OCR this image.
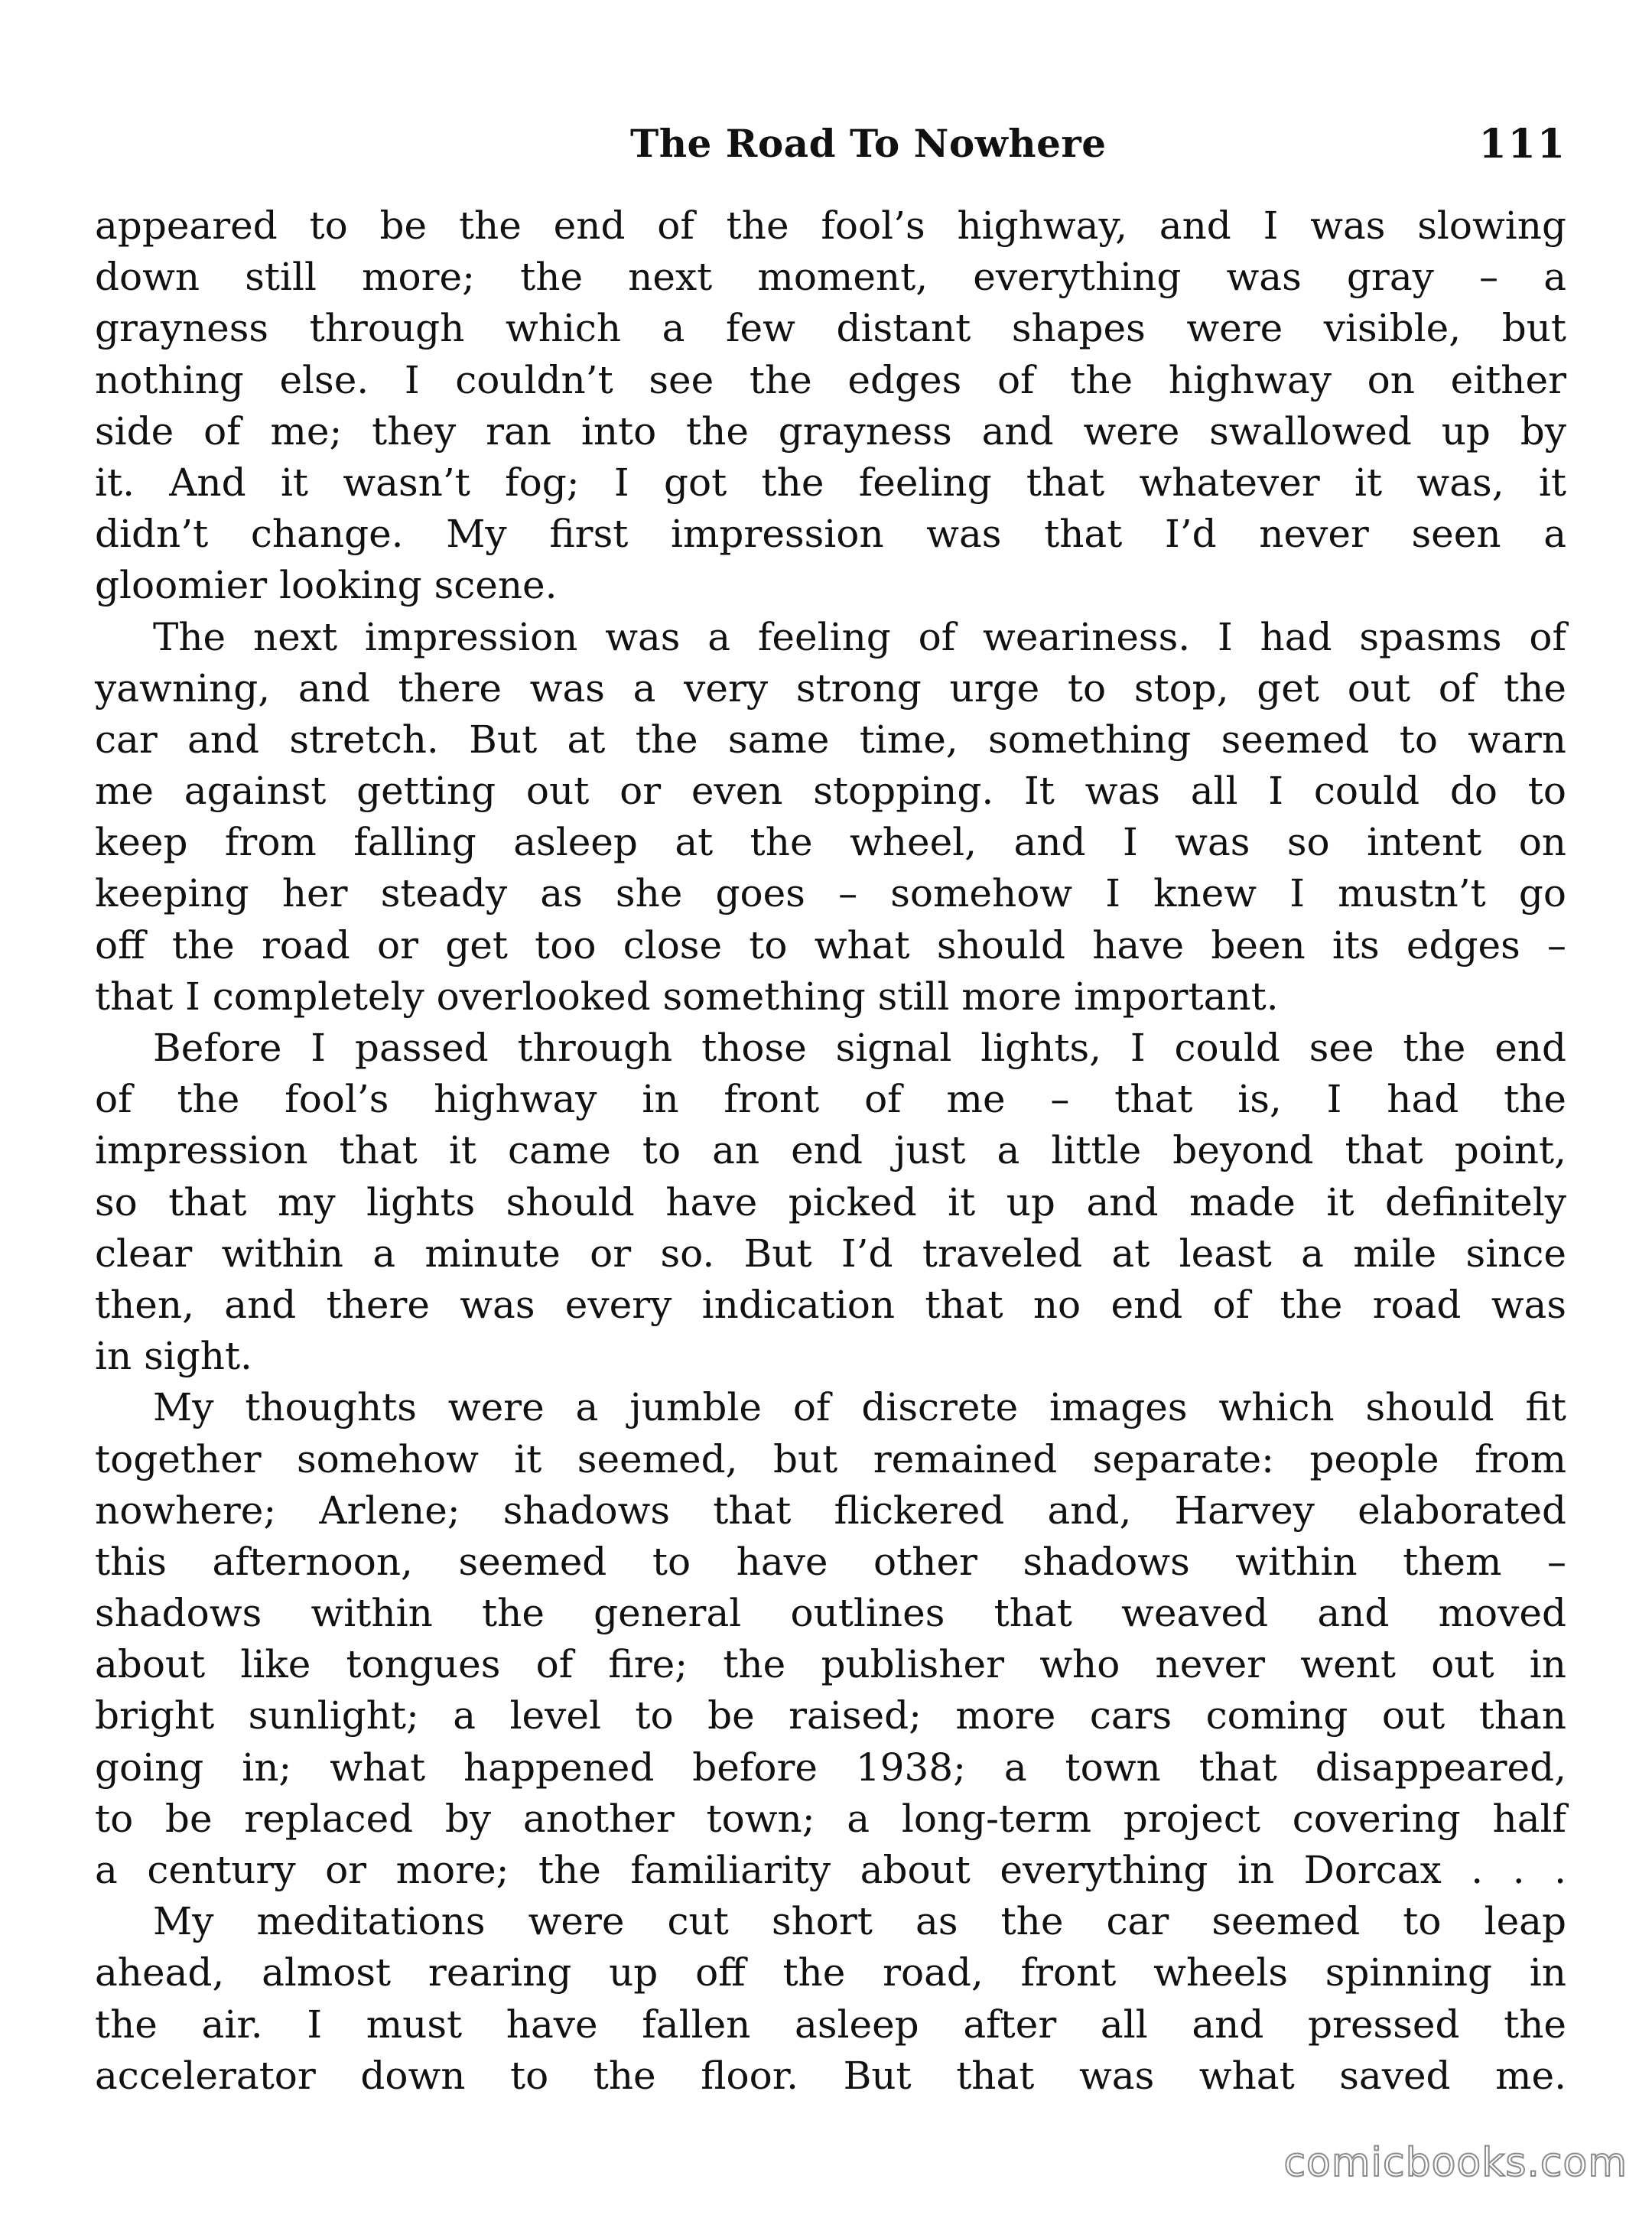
The Road To Nowhere	111
appeared to be the end of the fool’s highway, and I was slowing
down still more; the next moment, everything was gray – a
grayness through which a few distant shapes were visible, but
nothing else. I couldn’t see the edges of the highway on either
side of me; they ran into the grayness and were swallowed up by
it. And it wasn’t fog; I got the feeling that whatever it was, it
didn’t change. My first impression was that I’d never seen a
gloomier looking scene.
The next impression was a feeling of weariness. I had spasms of
yawning, and there was a very strong urge to stop, get out of the
car and stretch. But at the same time, something seemed to warn
me against getting out or even stopping. It was all I could do to
keep from falling asleep at the wheel, and I was so intent on
keeping her steady as she goes – somehow I knew I mustn’t go
off the road or get too close to what should have been its edges –
that I completely overlooked something still more important.
Before I passed through those signal lights, I could see the end
of the fool’s highway in front of me – that is, I had the
impression that it came to an end just a little beyond that point,
so that my lights should have picked it up and made it definitely
clear within a minute or so. But I’d traveled at least a mile since
then, and there was every indication that no end of the road was
in sight.
My thoughts were a jumble of discrete images which should fit
together somehow it seemed, but remained separate: people from
nowhere; Arlene; shadows that flickered and, Harvey elaborated
this afternoon, seemed to have other shadows within them –
shadows within the general outlines that weaved and moved
about like tongues of fire; the publisher who never went out in
bright sunlight; a level to be raised; more cars coming out than
going in; what happened before 1938; a town that disappeared,
to be replaced by another town; a long-term project covering half
a century or more; the familiarity about everything in Dorcax . . .
My meditations were cut short as the car seemed to leap
ahead, almost rearing up off the road, front wheels spinning in
the air. I must have fallen asleep after all and pressed the
accelerator down to the floor. But that was what saved me.
comicbooks.com
